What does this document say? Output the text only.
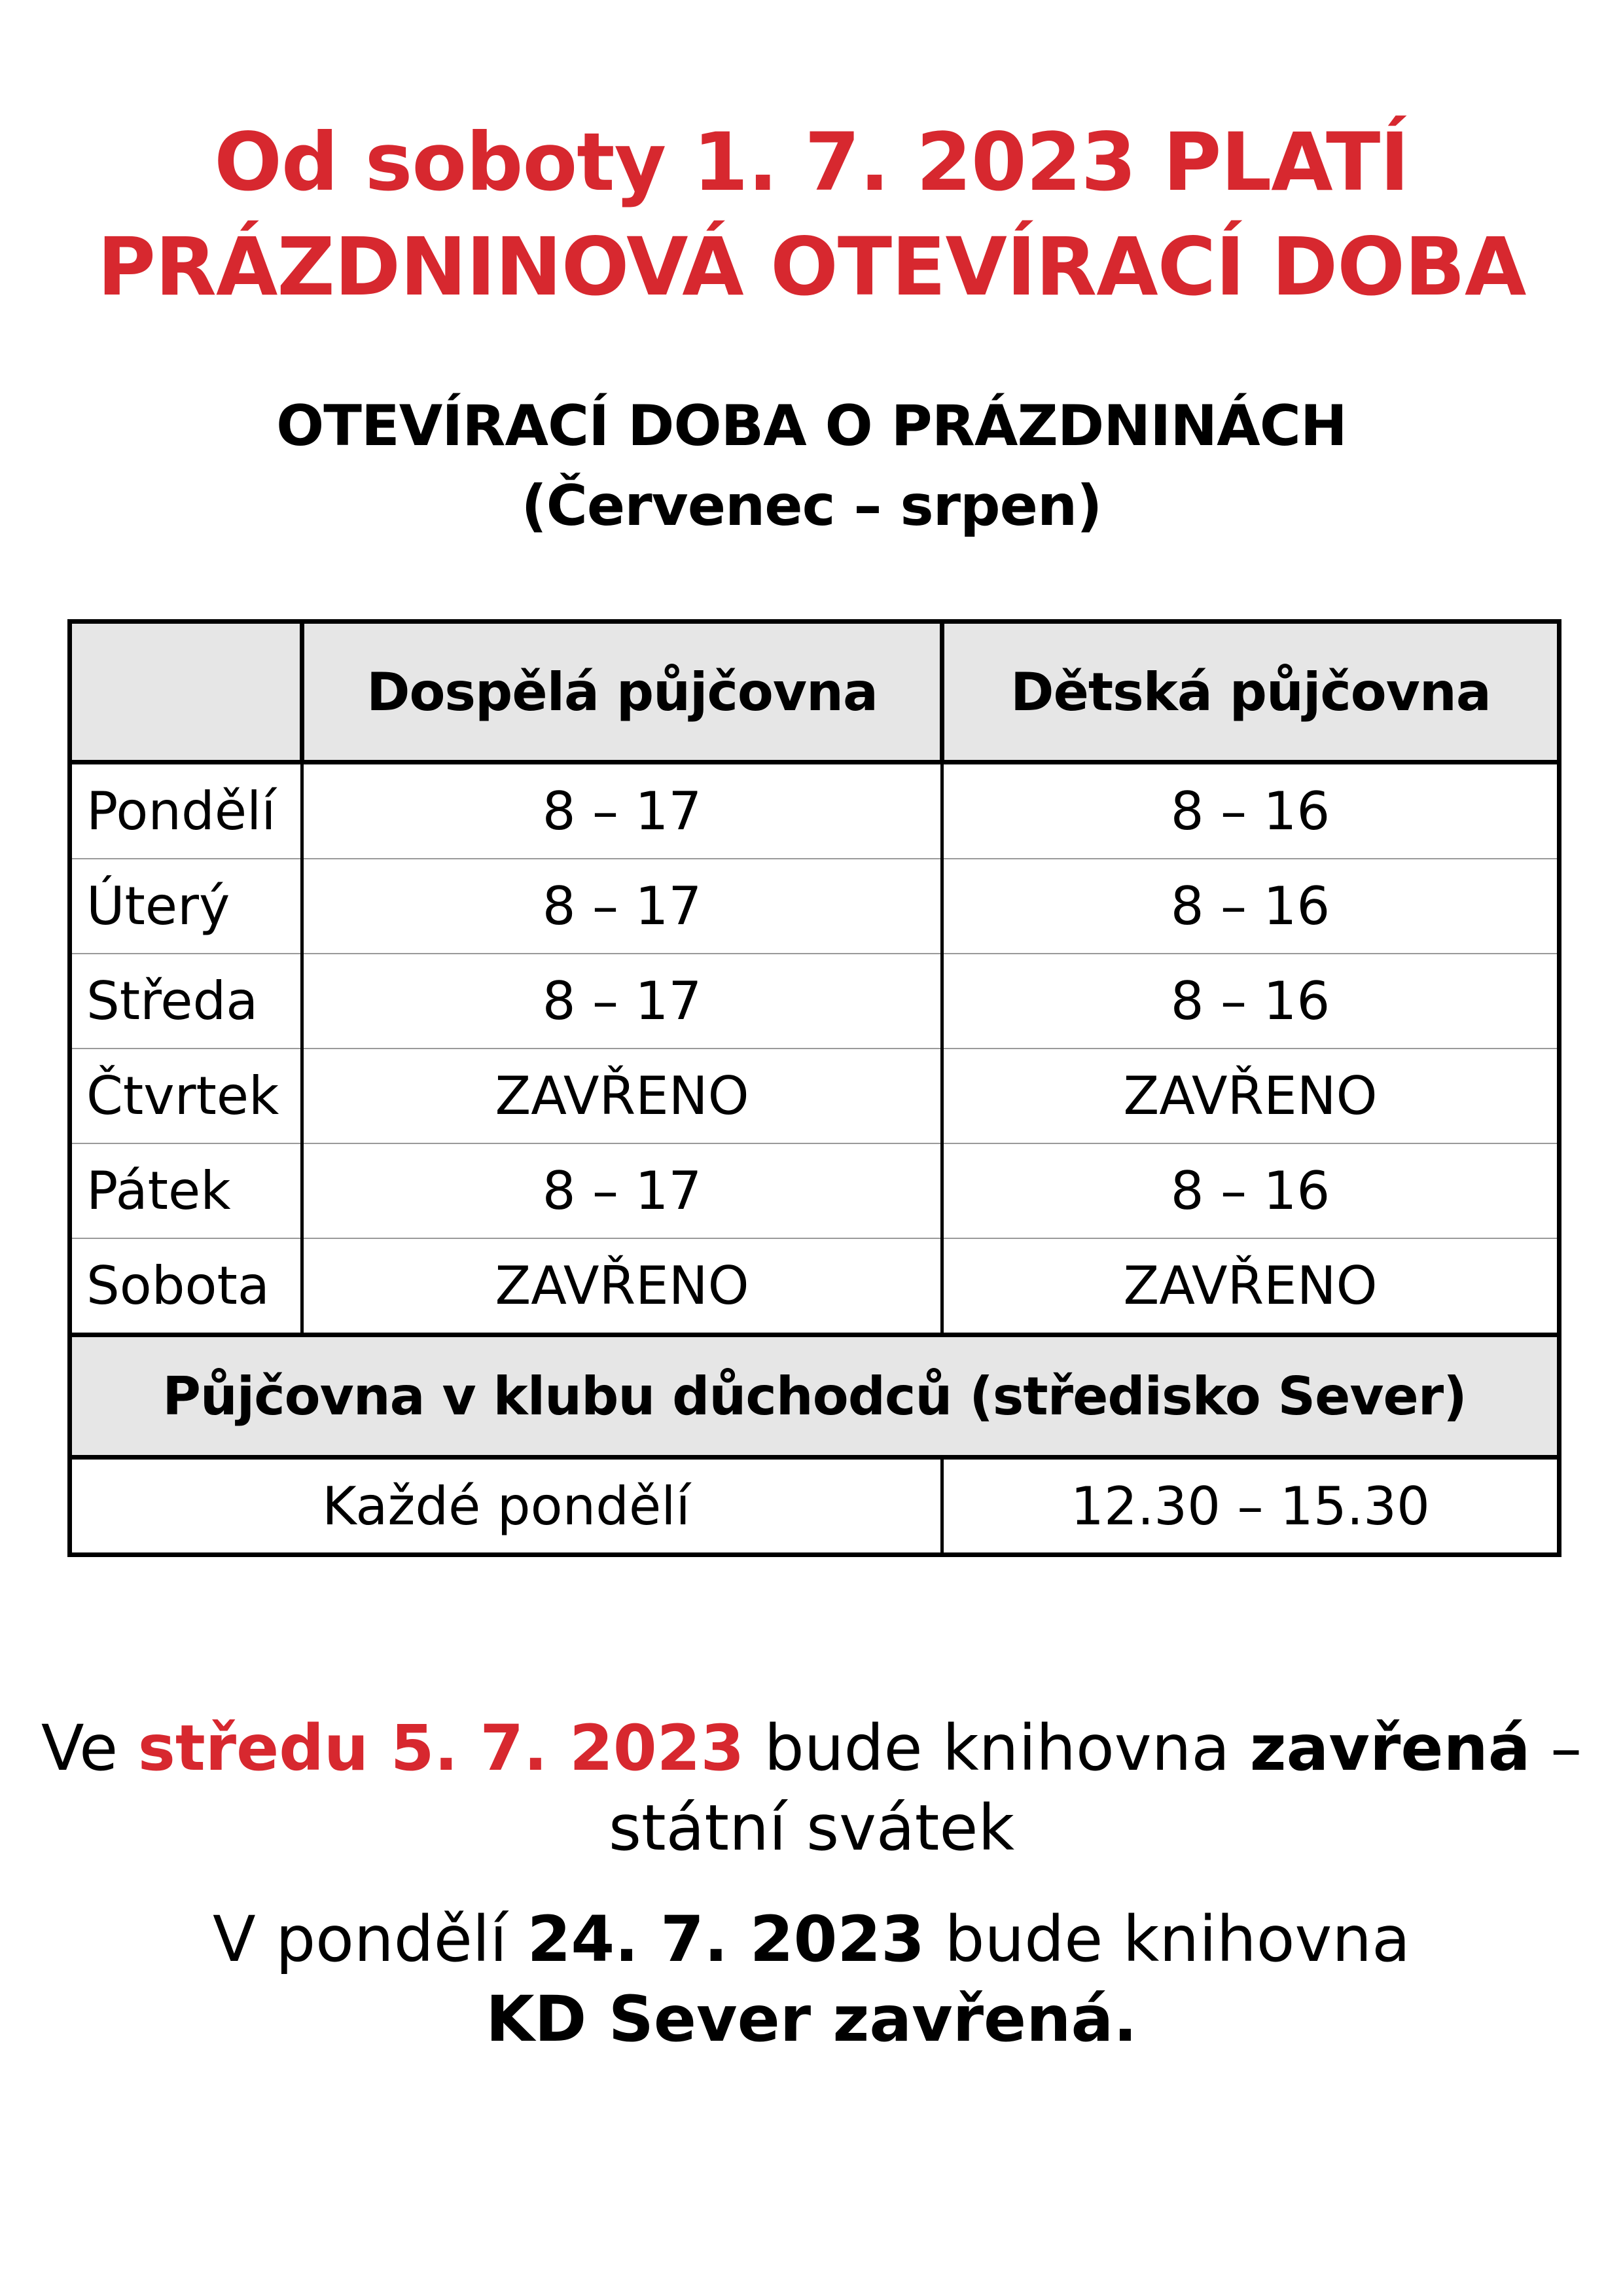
Od soboty 1. 7. 2023 PLATÍ
PRÁZDNINOVÁ OTEVÍRACÍ DOBA
OTEVÍRACÍ DOBA O PRÁZDNINÁCH
(Červenec – srpen)
	Dospělá půjčovna	Dětská půjčovna
Pondělí	8 – 17	8 – 16
Úterý	8 – 17	8 – 16
Středa	8 – 17	8 – 16
Čtvrtek	ZAVŘENO	ZAVŘENO
Pátek	8 – 17	8 – 16
Sobota	ZAVŘENO	ZAVŘENO
Půjčovna v klubu důchodců (středisko Sever)		
Každé pondělí		12.30 – 15.30

Ve středu 5. 7. 2023 bude knihovna zavřená –
státní svátek

V pondělí 24. 7. 2023 bude knihovna
KD Sever zavřená.
